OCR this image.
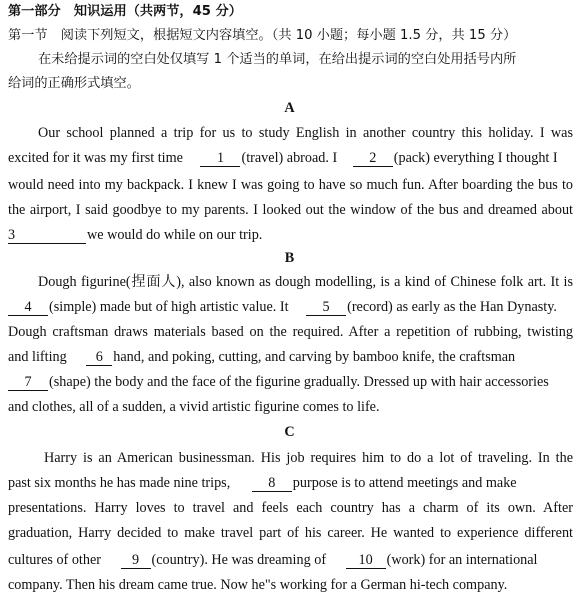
第一部分　知识运用（共两节，45 分）
第一节　阅读下列短文，根据短文内容填空。（共 10 小题；每小题 1.5 分，共 15 分）
在未给提示词的空白处仅填写 1 个适当的单词，在给出提示词的空白处用括号内所
给词的正确形式填空。
A
Our school planned a trip for us to study English in another country this holiday. I was
excited for it was my first time 1 (travel) abroad. I 2 (pack) everything I thought I
would need into my backpack. I knew I was going to have so much fun. After boarding the bus to
the airport, I said goodbye to my parents. I looked out the window of the bus and dreamed about
3	we would do while on our trip.
B
Dough figurine(捏面人), also known as dough modelling, is a kind of Chinese folk art. It is
4 (simple) made but of high artistic value. It 5 (record) as early as the Han Dynasty.
Dough craftsman draws materials based on the required. After a repetition of rubbing, twisting
and lifting 6 hand, and poking, cutting, and carving by bamboo knife, the craftsman
7 (shape) the body and the face of the figurine gradually. Dressed up with hair accessories
and clothes, all of a sudden, a vivid artistic figurine comes to life.
C
Harry is an American businessman. His job requires him to do a lot of traveling. In the
past six months he has made nine trips,	8 purpose is to attend meetings and make
presentations. Harry loves to travel and feels each country has a charm of its own. After
graduation, Harry decided to make travel part of his career. He wanted to experience different
cultures of other 9 (country). He was dreaming of 10 (work) for an international
company. Then his dream came true. Now he"s working for a German hi-tech company.
